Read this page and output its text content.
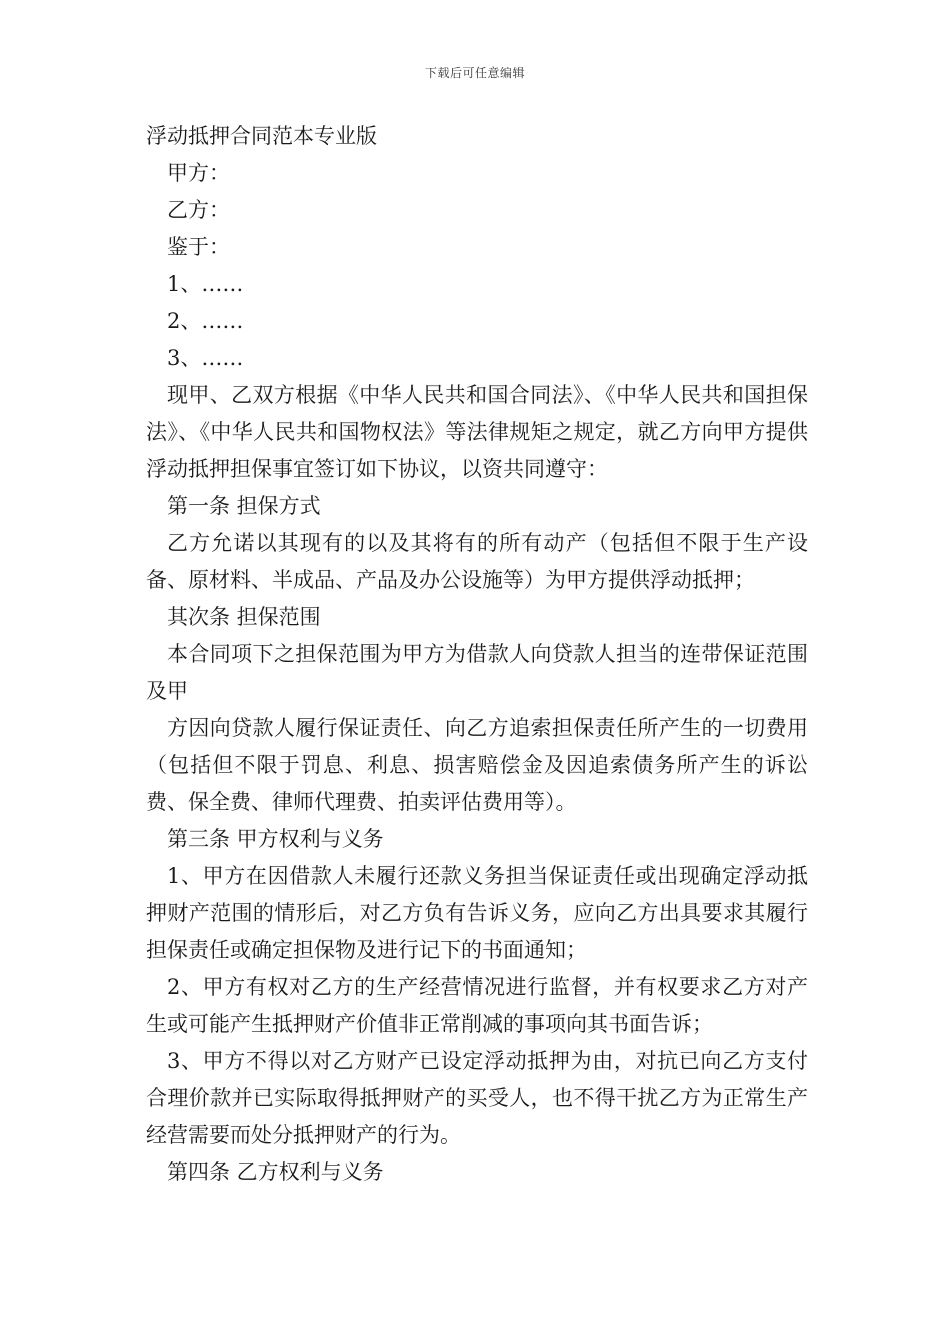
下载后可任意编辑
浮动抵押合同范本专业版

甲方：

乙方：

鉴于：

1、……

2、……

3、……

现甲、乙双方根据《中华人民共和国合同法》、《中华人民共和国担保法》、《中华人民共和国物权法》等法律规矩之规定，就乙方向甲方提供浮动抵押担保事宜签订如下协议，以资共同遵守：

第一条 担保方式

乙方允诺以其现有的以及其将有的所有动产（包括但不限于生产设备、原材料、半成品、产品及办公设施等）为甲方提供浮动抵押；

其次条 担保范围

本合同项下之担保范围为甲方为借款人向贷款人担当的连带保证范围及甲

方因向贷款人履行保证责任、向乙方追索担保责任所产生的一切费用（包括但不限于罚息、利息、损害赔偿金及因追索债务所产生的诉讼费、保全费、律师代理费、拍卖评估费用等）。

第三条 甲方权利与义务

1、甲方在因借款人未履行还款义务担当保证责任或出现确定浮动抵押财产范围的情形后，对乙方负有告诉义务，应向乙方出具要求其履行担保责任或确定担保物及进行记下的书面通知；

2、甲方有权对乙方的生产经营情况进行监督，并有权要求乙方对产生或可能产生抵押财产价值非正常削减的事项向其书面告诉；

3、甲方不得以对乙方财产已设定浮动抵押为由，对抗已向乙方支付合理价款并已实际取得抵押财产的买受人，也不得干扰乙方为正常生产经营需要而处分抵押财产的行为。

第四条 乙方权利与义务
